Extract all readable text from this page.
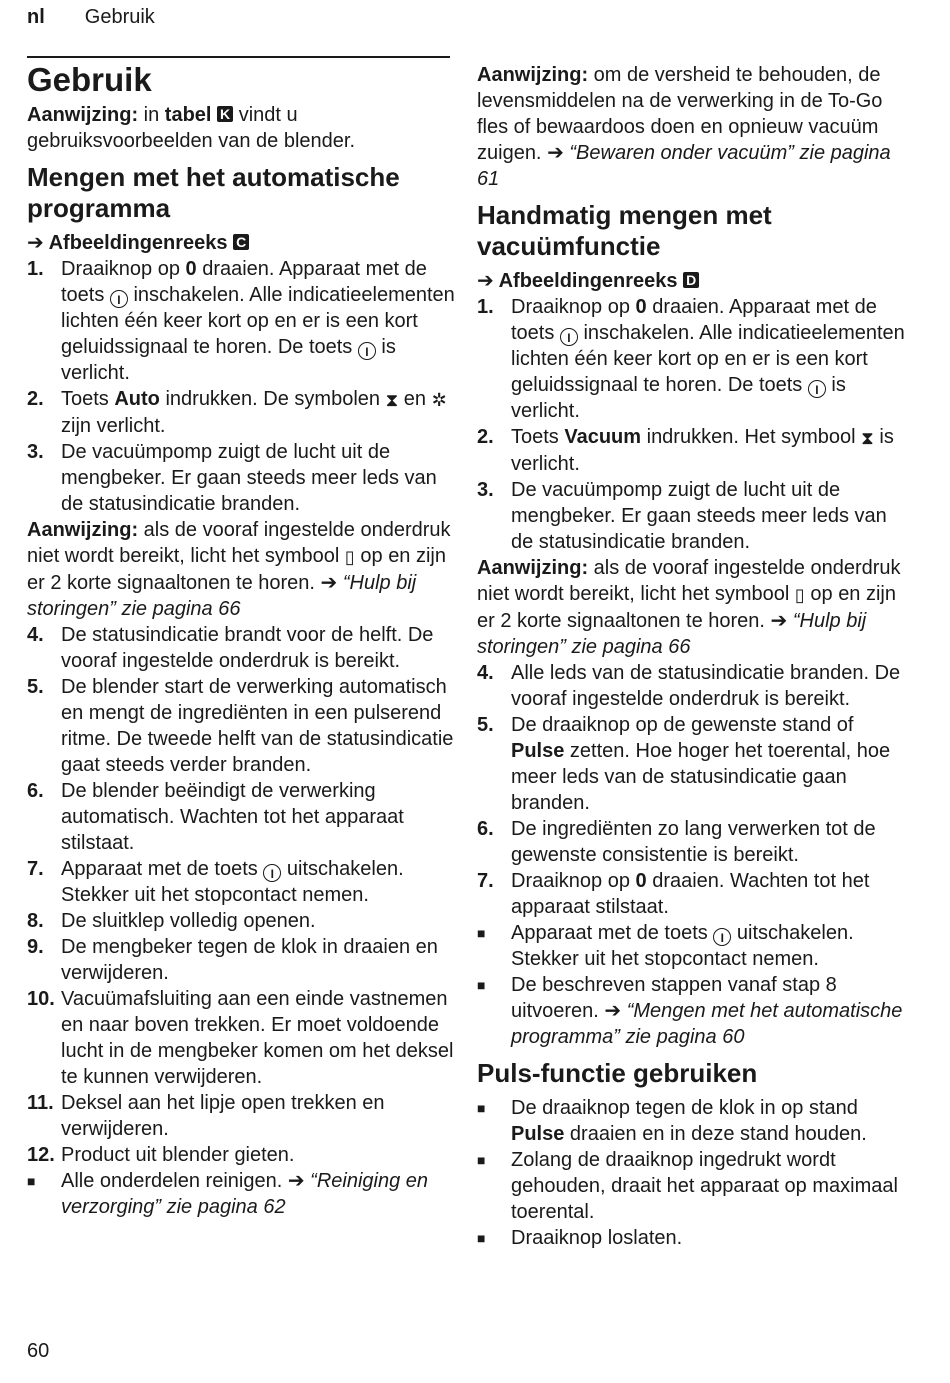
nl Gebruik
Gebruik

Aanwijzing: in tabel K vindt u gebruiksvoorbeelden van de blender.

Mengen met het automatische programma

➔ Afbeeldingenreeks C

1. Draaiknop op 0 draaien. Apparaat met de toets I inschakelen. Alle indicatieelementen lichten één keer kort op en er is een kort geluidssignaal te horen. De toets I is verlicht.
2. Toets Auto indrukken. De symbolen ⧗ en ✲ zijn verlicht.
3. De vacuümpomp zuigt de lucht uit de mengbeker. Er gaan steeds meer leds van de statusindicatie branden.

Aanwijzing: als de vooraf ingestelde onderdruk niet wordt bereikt, licht het symbool ▯ op en zijn er 2 korte signaaltonen te horen. ➔ “Hulp bij storingen” zie pagina 66

4. De statusindicatie brandt voor de helft. De vooraf ingestelde onderdruk is bereikt.
5. De blender start de verwerking automatisch en mengt de ingrediënten in een pulserend ritme. De tweede helft van de statusindicatie gaat steeds verder branden.
6. De blender beëindigt de verwerking automatisch. Wachten tot het apparaat stilstaat.
7. Apparaat met de toets I uitschakelen. Stekker uit het stopcontact nemen.
8. De sluitklep volledig openen.
9. De mengbeker tegen de klok in draaien en verwijderen.
10. Vacuümafsluiting aan een einde vastnemen en naar boven trekken. Er moet voldoende lucht in de mengbeker komen om het deksel te kunnen verwijderen.
11. Deksel aan het lipje open trekken en verwijderen.
12. Product uit blender gieten.
■	Alle onderdelen reinigen. ➔ “Reiniging en verzorging” zie pagina 62

Aanwijzing: om de versheid te behouden, de levensmiddelen na de verwerking in de To-Go fles of bewaardoos doen en opnieuw vacuüm zuigen. ➔ “Bewaren onder vacuüm” zie pagina 61

Handmatig mengen met vacuümfunctie

➔ Afbeeldingenreeks D

1. Draaiknop op 0 draaien. Apparaat met de toets I inschakelen. Alle indicatieelementen lichten één keer kort op en er is een kort geluidssignaal te horen. De toets I is verlicht.
2. Toets Vacuum indrukken. Het symbool ⧗ is verlicht.
3. De vacuümpomp zuigt de lucht uit de mengbeker. Er gaan steeds meer leds van de statusindicatie branden.

Aanwijzing: als de vooraf ingestelde onderdruk niet wordt bereikt, licht het symbool ▯ op en zijn er 2 korte signaaltonen te horen. ➔ “Hulp bij storingen” zie pagina 66

4. Alle leds van de statusindicatie branden. De vooraf ingestelde onderdruk is bereikt.
5. De draaiknop op de gewenste stand of Pulse zetten. Hoe hoger het toerental, hoe meer leds van de statusindicatie gaan branden.
6. De ingrediënten zo lang verwerken tot de gewenste consistentie is bereikt.
7. Draaiknop op 0 draaien. Wachten tot het apparaat stilstaat.
■	Apparaat met de toets I uitschakelen. Stekker uit het stopcontact nemen.
■	De beschreven stappen vanaf stap 8 uitvoeren. ➔ “Mengen met het automatische programma” zie pagina 60
Puls-functie gebruiken
■	De draaiknop tegen de klok in op stand Pulse draaien en in deze stand houden.
■	Zolang de draaiknop ingedrukt wordt gehouden, draait het apparaat op maximaal toerental.
■	Draaiknop loslaten.
60
